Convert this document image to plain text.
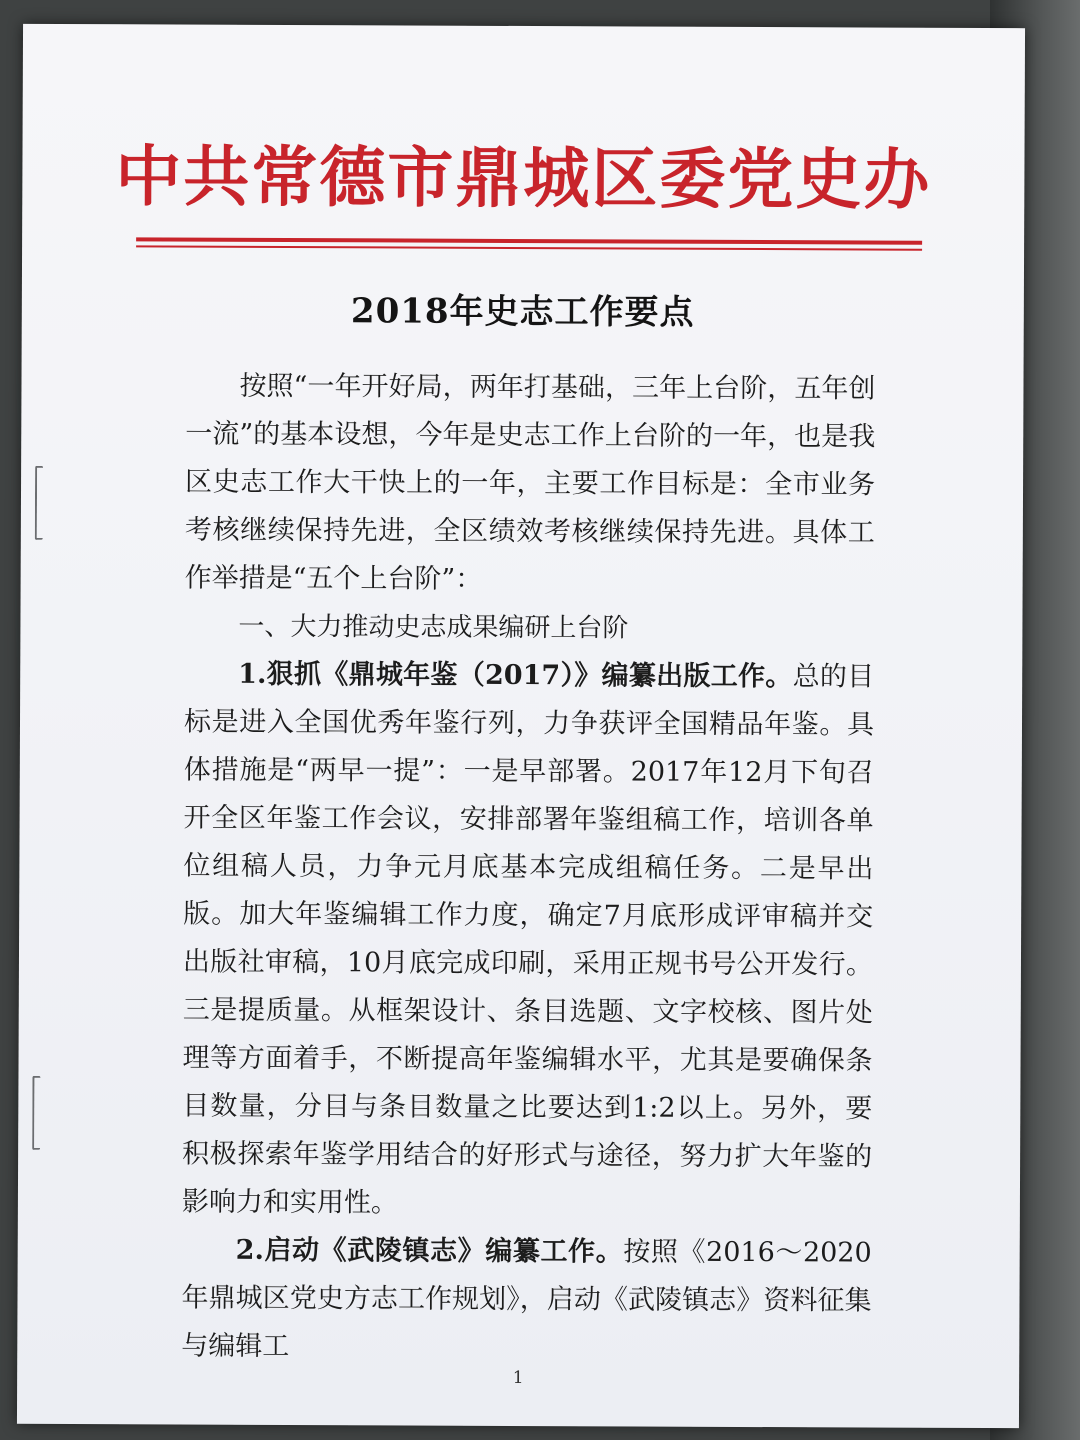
中共常德市鼎城区委党史办
2018年史志工作要点

按照“一年开好局，两年打基础，三年上台阶，五年创一流”的基本设想，今年是史志工作上台阶的一年，也是我区史志工作大干快上的一年，主要工作目标是：全市业务考核继续保持先进，全区绩效考核继续保持先进。具体工作举措是“五个上台阶”：

一、大力推动史志成果编研上台阶

1.狠抓《鼎城年鉴（2017）》编纂出版工作。总的目标是进入全国优秀年鉴行列，力争获评全国精品年鉴。具体措施是“两早一提”：一是早部署。2017年12月下旬召开全区年鉴工作会议，安排部署年鉴组稿工作，培训各单位组稿人员，力争元月底基本完成组稿任务。二是早出版。加大年鉴编辑工作力度，确定7月底形成评审稿并交出版社审稿，10月底完成印刷，采用正规书号公开发行。三是提质量。从框架设计、条目选题、文字校核、图片处理等方面着手，不断提高年鉴编辑水平，尤其是要确保条目数量，分目与条目数量之比要达到1:2以上。另外，要积极探索年鉴学用结合的好形式与途径，努力扩大年鉴的影响力和实用性。

2.启动《武陵镇志》编纂工作。按照《2016～2020年鼎城区党史方志工作规划》，启动《武陵镇志》资料征集与编辑工

1
